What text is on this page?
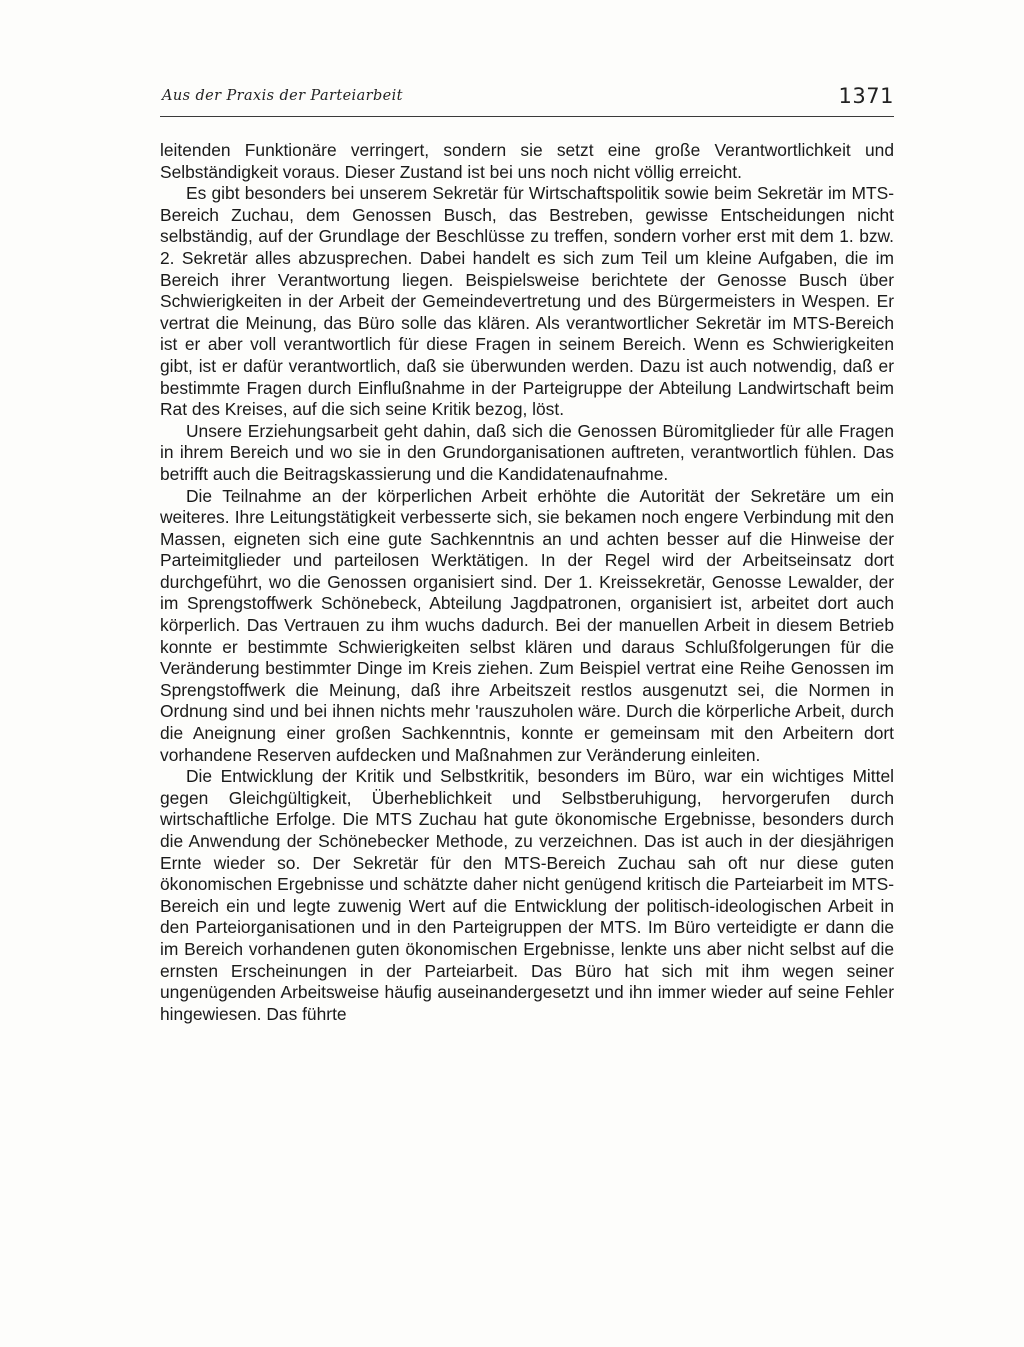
Aus der Praxis der Parteiarbeit	1371

leitenden Funktionäre verringert, sondern sie setzt eine große Verantwortlichkeit und Selbständigkeit voraus. Dieser Zustand ist bei uns noch nicht völlig erreicht.

Es gibt besonders bei unserem Sekretär für Wirtschaftspolitik sowie beim Sekretär im MTS-Bereich Zuchau, dem Genossen Busch, das Bestreben, gewisse Entscheidungen nicht selbständig, auf der Grundlage der Beschlüsse zu treffen, sondern vorher erst mit dem 1. bzw. 2. Sekretär alles abzusprechen. Dabei handelt es sich zum Teil um kleine Aufgaben, die im Bereich ihrer Verantwortung liegen. Beispielsweise berichtete der Genosse Busch über Schwierigkeiten in der Arbeit der Gemeindevertretung und des Bürgermeisters in Wespen. Er vertrat die Meinung, das Büro solle das klären. Als verantwortlicher Sekretär im MTS-Bereich ist er aber voll verantwortlich für diese Fragen in seinem Bereich. Wenn es Schwierigkeiten gibt, ist er dafür verantwortlich, daß sie überwunden werden. Dazu ist auch notwendig, daß er bestimmte Fragen durch Einflußnahme in der Parteigruppe der Abteilung Landwirtschaft beim Rat des Kreises, auf die sich seine Kritik bezog, löst.

Unsere Erziehungsarbeit geht dahin, daß sich die Genossen Büromitglieder für alle Fragen in ihrem Bereich und wo sie in den Grundorganisationen auftreten, verantwortlich fühlen. Das betrifft auch die Beitragskassierung und die Kandidatenaufnahme.

Die Teilnahme an der körperlichen Arbeit erhöhte die Autorität der Sekretäre um ein weiteres. Ihre Leitungstätigkeit verbesserte sich, sie bekamen noch engere Verbindung mit den Massen, eigneten sich eine gute Sachkenntnis an und achten besser auf die Hinweise der Parteimitglieder und parteilosen Werktätigen. In der Regel wird der Arbeitseinsatz dort durchgeführt, wo die Genossen organisiert sind. Der 1. Kreissekretär, Genosse Lewalder, der im Sprengstoffwerk Schönebeck, Abteilung Jagdpatronen, organisiert ist, arbeitet dort auch körperlich. Das Vertrauen zu ihm wuchs dadurch. Bei der manuellen Arbeit in diesem Betrieb konnte er bestimmte Schwierigkeiten selbst klären und daraus Schlußfolgerungen für die Veränderung bestimmter Dinge im Kreis ziehen. Zum Beispiel vertrat eine Reihe Genossen im Sprengstoffwerk die Meinung, daß ihre Arbeitszeit restlos ausgenutzt sei, die Normen in Ordnung sind und bei ihnen nichts mehr 'rauszuholen wäre. Durch die körperliche Arbeit, durch die Aneignung einer großen Sachkenntnis, konnte er gemeinsam mit den Arbeitern dort vorhandene Reserven aufdecken und Maßnahmen zur Veränderung einleiten.

Die Entwicklung der Kritik und Selbstkritik, besonders im Büro, war ein wichtiges Mittel gegen Gleichgültigkeit, Überheblichkeit und Selbstberuhigung, hervorgerufen durch wirtschaftliche Erfolge. Die MTS Zuchau hat gute ökonomische Ergebnisse, besonders durch die Anwendung der Schönebecker Methode, zu verzeichnen. Das ist auch in der diesjährigen Ernte wieder so. Der Sekretär für den MTS-Bereich Zuchau sah oft nur diese guten ökonomischen Ergebnisse und schätzte daher nicht genügend kritisch die Parteiarbeit im MTS-Bereich ein und legte zuwenig Wert auf die Entwicklung der politisch-ideologischen Arbeit in den Parteiorganisationen und in den Parteigruppen der MTS. Im Büro verteidigte er dann die im Bereich vorhandenen guten ökonomischen Ergebnisse, lenkte uns aber nicht selbst auf die ernsten Erscheinungen in der Parteiarbeit. Das Büro hat sich mit ihm wegen seiner ungenügenden Arbeitsweise häufig auseinandergesetzt und ihn immer wieder auf seine Fehler hingewiesen. Das führte
